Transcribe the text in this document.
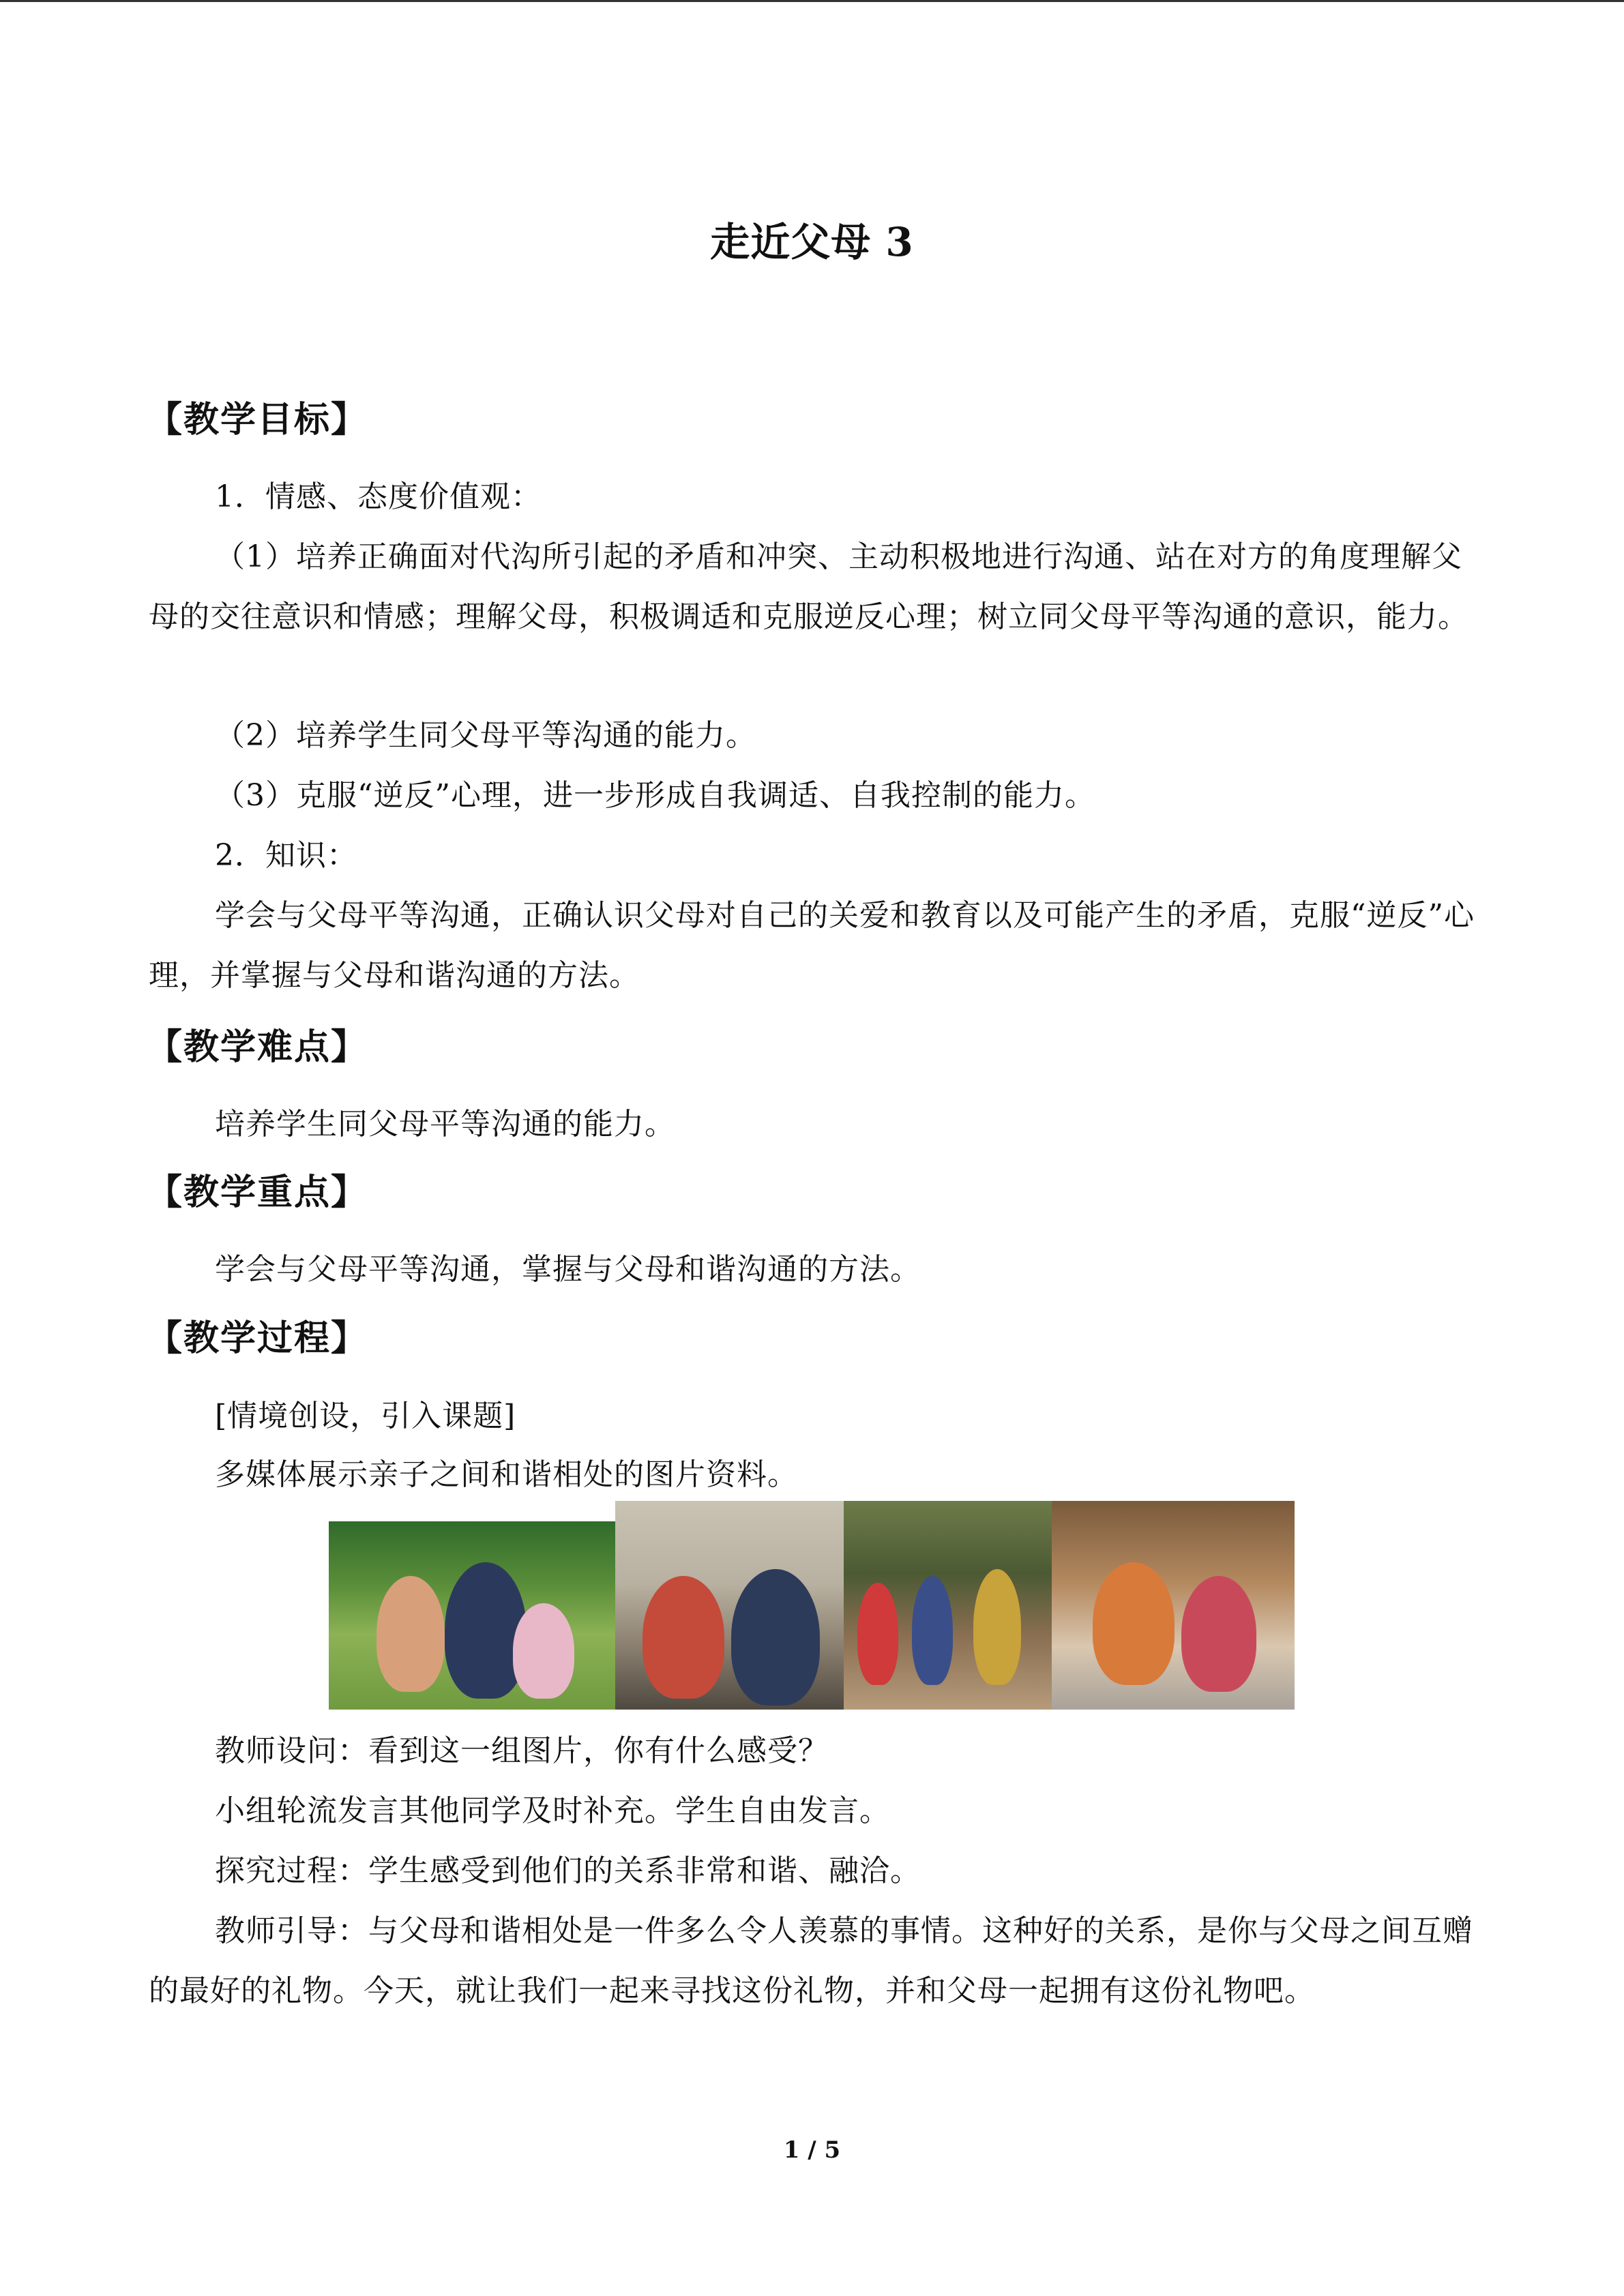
走近父母 3
【教学目标】

1．情感、态度价值观：

（1）培养正确面对代沟所引起的矛盾和冲突、主动积极地进行沟通、站在对方的角度理解父母的交往意识和情感；理解父母，积极调适和克服逆反心理；树立同父母平等沟通的意识，能力。

（2）培养学生同父母平等沟通的能力。

（3）克服“逆反”心理，进一步形成自我调适、自我控制的能力。

2．知识：

学会与父母平等沟通，正确认识父母对自己的关爱和教育以及可能产生的矛盾，克服“逆反”心理，并掌握与父母和谐沟通的方法。

【教学难点】

培养学生同父母平等沟通的能力。

【教学重点】

学会与父母平等沟通，掌握与父母和谐沟通的方法。

【教学过程】

[情境创设，引入课题]

多媒体展示亲子之间和谐相处的图片资料。

教师设问：看到这一组图片，你有什么感受？

小组轮流发言其他同学及时补充。学生自由发言。

探究过程：学生感受到他们的关系非常和谐、融洽。

教师引导：与父母和谐相处是一件多么令人羡慕的事情。这种好的关系，是你与父母之间互赠的最好的礼物。今天，就让我们一起来寻找这份礼物，并和父母一起拥有这份礼物吧。

1 / 5
